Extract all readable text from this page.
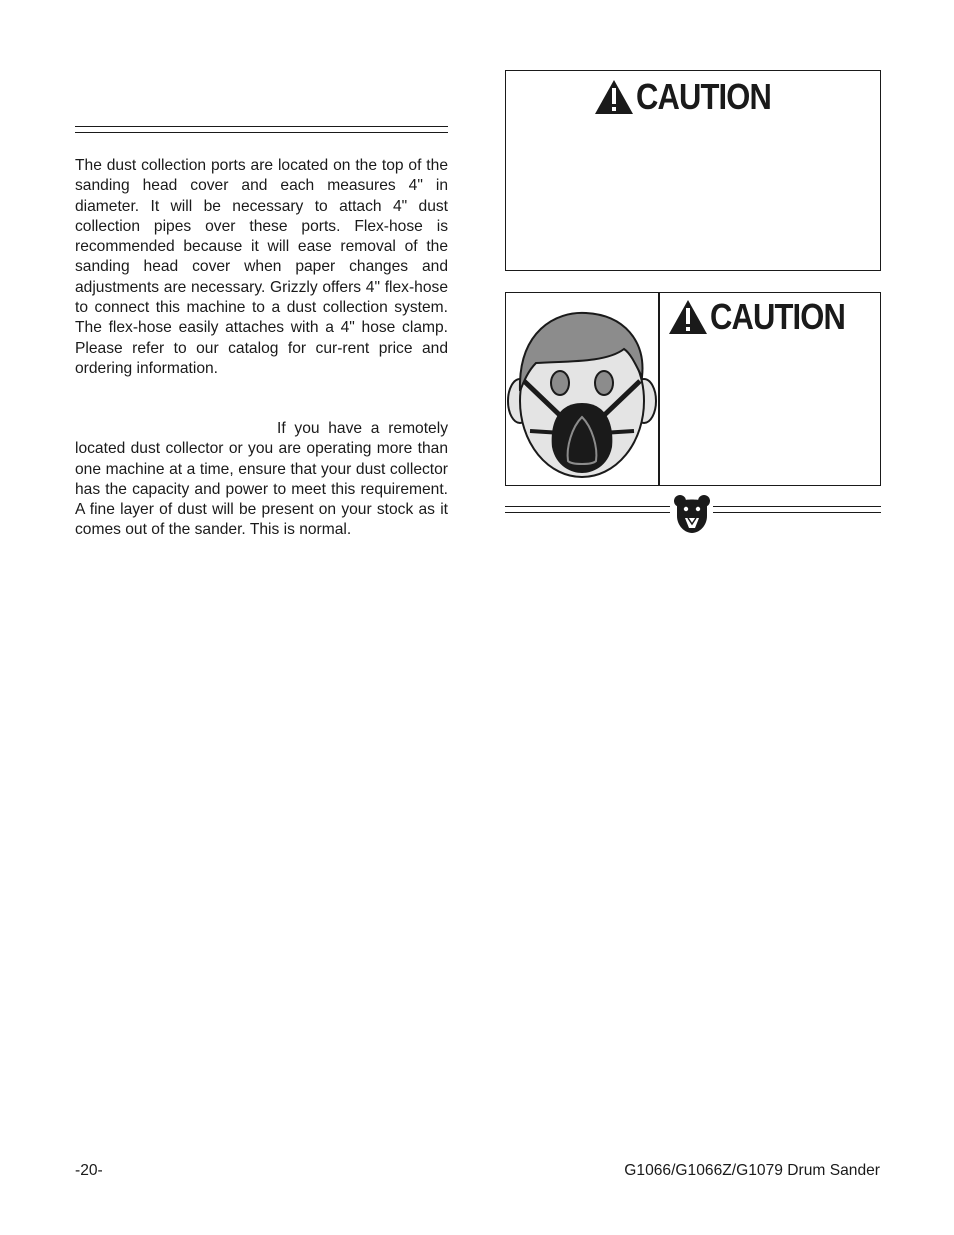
The dust collection ports are located on the top of the sanding head cover and each measures 4" in diameter. It will be necessary to attach 4" dust collection pipes over these ports. Flex-hose is recommended because it will ease removal of the sanding head cover when paper changes and adjustments are necessary. Grizzly offers 4" flex-hose to connect this machine to a dust collection system. The flex-hose easily attaches with a 4" hose clamp. Please refer to our catalog for cur-rent price and ordering information.

If you have a remotely located dust collector or you are operating more than one machine at a time, ensure that your dust collector has the capacity and power to meet this requirement. A fine layer of dust will be present on your stock as it comes out of the sander. This is normal.

CAUTION
CAUTION
-20-	G1066/G1066Z/G1079 Drum Sander
